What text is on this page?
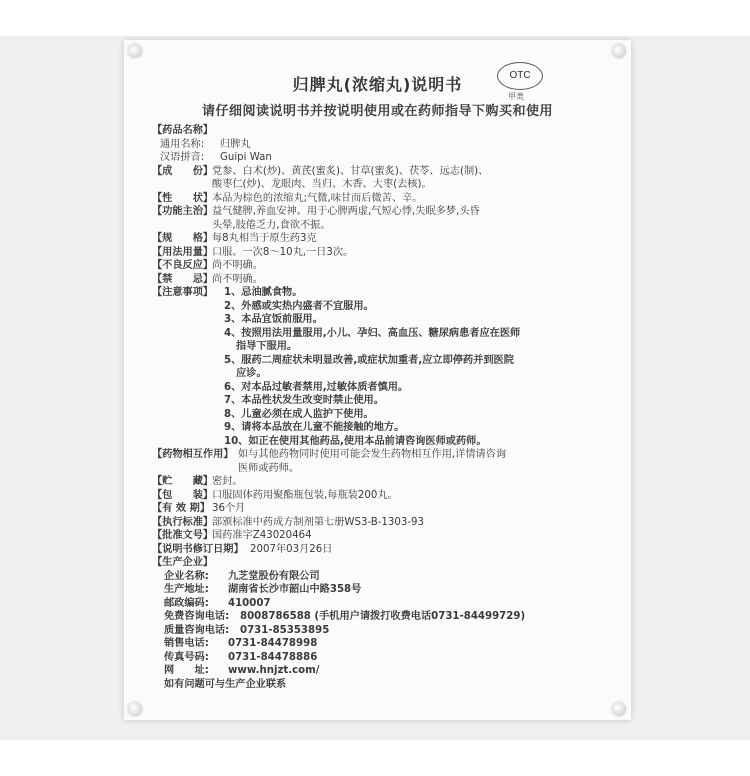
归脾丸(浓缩丸)说明书	OTC
甲类
请仔细阅读说明书并按说明使用或在药师指导下购买和使用
【药品名称】
通用名称:	归脾丸
汉语拼音:	Guipi Wan
【成　　份】
党参、白术(炒)、黄芪(蜜炙)、甘草(蜜炙)、茯苓、远志(制)、
酸枣仁(炒)、龙眼肉、当归、木香、大枣(去核)。
【性　　状】
本品为棕色的浓缩丸;气微,味甘而后微苦、辛。
【功能主治】
益气健脾,养血安神。用于心脾两虚,气短心悸,失眠多梦,头昏
头晕,肢倦乏力,食欲不振。
【规　　格】
每8丸相当于原生药3克
【用法用量】
口服。一次8～10丸,一日3次。
【不良反应】
尚不明确。
【禁　　忌】
尚不明确。
【注意事项】	1、忌油腻食物。
2、外感或实热内盛者不宜服用。
3、本品宜饭前服用。
4、按照用法用量服用,小儿、孕妇、高血压、糖尿病患者应在医师
指导下服用。
5、服药二周症状未明显改善,或症状加重者,应立即停药并到医院
应诊。
6、对本品过敏者禁用,过敏体质者慎用。
7、本品性状发生改变时禁止使用。
8、儿童必须在成人监护下使用。
9、请将本品放在儿童不能接触的地方。
10、如正在使用其他药品,使用本品前请咨询医师或药师。
【药物相互作用】 如与其他药物同时使用可能会发生药物相互作用,详情请咨询
医师或药师。
【贮　　藏】
密封。
【包　　装】
口服固体药用聚酯瓶包装,每瓶装200丸。
【有 效 期】 36个月
【执行标准】
部颁标准中药成方制剂第七册WS3-B-1303-93
【批准文号】
国药准字Z43020464
【说明书修订日期】 2007年03月26日
【生产企业】
企业名称:	九芝堂股份有限公司
生产地址:	湖南省长沙市韶山中路358号
邮政编码:	410007
免费咨询电话:	8008786588 (手机用户请拨打收费电话0731-84499729)
质量咨询电话:	0731-85353895
销售电话:	0731-84478998
传真号码:	0731-84478886
网　　址:	www.hnjzt.com/
如有问题可与生产企业联系
